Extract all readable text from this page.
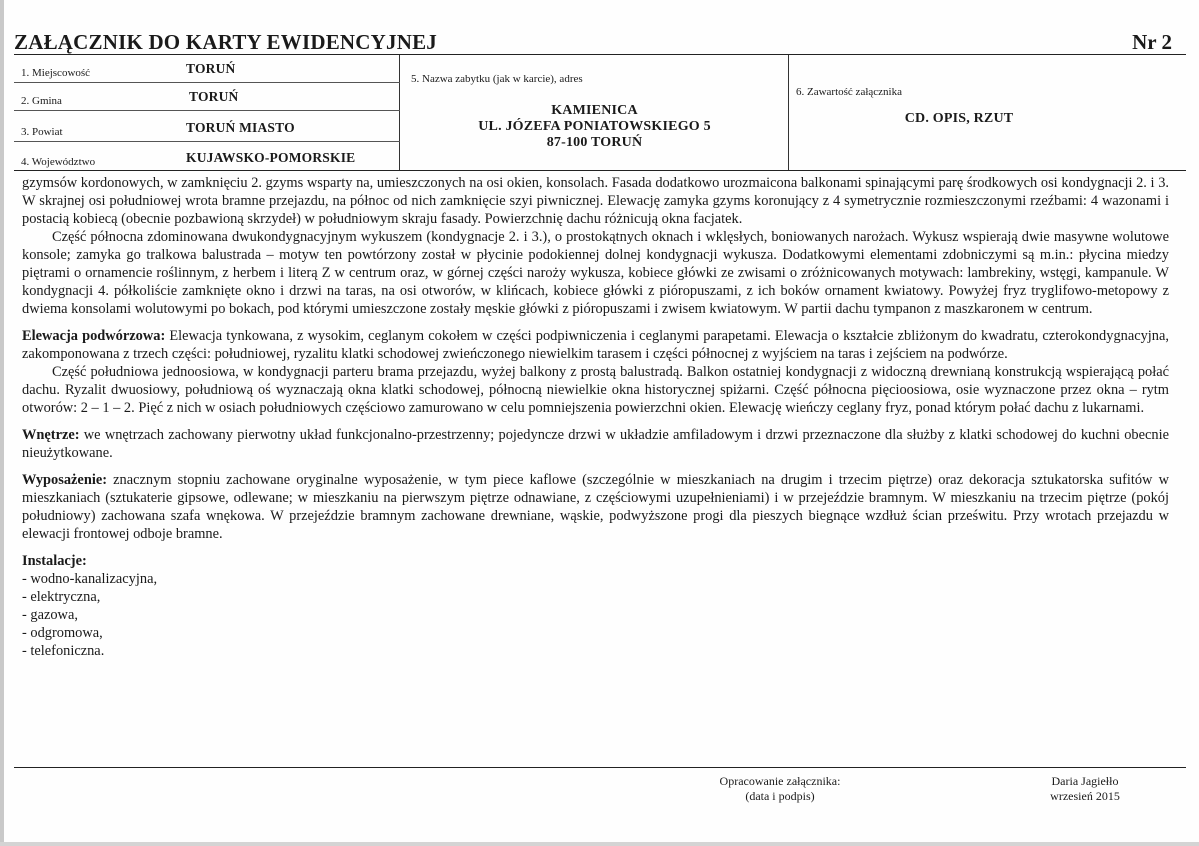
ZAŁĄCZNIK DO KARTY EWIDENCYJNEJ	Nr 2
1. Miejscowość	TORUŃ
2. Gmina	TORUŃ
3. Powiat	TORUŃ MIASTO
4. Województwo	KUJAWSKO-POMORSKIE
5. Nazwa zabytku (jak w karcie), adres
KAMIENICA
UL. JÓZEFA PONIATOWSKIEGO 5
87-100 TORUŃ
6. Zawartość załącznika
CD. OPIS, RZUT

gzymsów kordonowych, w zamknięciu 2. gzyms wsparty na, umieszczonych na osi okien, konsolach. Fasada dodatkowo urozmaicona balkonami spinającymi parę środkowych osi kondygnacji 2. i 3. W skrajnej osi południowej wrota bramne przejazdu, na północ od nich zamknięcie szyi piwnicznej. Elewację zamyka gzyms koronujący z 4 symetrycznie rozmieszczonymi rzeźbami: 4 wazonami i postacią kobiecą (obecnie pozbawioną skrzydeł) w południowym skraju fasady. Powierzchnię dachu różnicują okna facjatek.

Część północna zdominowana dwukondygnacyjnym wykuszem (kondygnacje 2. i 3.), o prostokątnych oknach i wklęsłych, boniowanych narożach. Wykusz wspierają dwie masywne wolutowe konsole; zamyka go tralkowa balustrada – motyw ten powtórzony został w płycinie podokiennej dolnej kondygnacji wykusza. Dodatkowymi elementami zdobniczymi są m.in.: płycina miedzy piętrami o ornamencie roślinnym, z herbem i literą Z w centrum oraz, w górnej części naroży wykusza, kobiece główki ze zwisami o zróżnicowanych motywach: lambrekiny, wstęgi, kampanule. W kondygnacji 4. półkoliście zamknięte okno i drzwi na taras, na osi otworów, w klińcach, kobiece główki z pióropuszami, z ich boków ornament kwiatowy. Powyżej fryz tryglifowo-metopowy z dwiema konsolami wolutowymi po bokach, pod którymi umieszczone zostały męskie główki z pióropuszami i zwisem kwiatowym. W partii dachu tympanon z maszkaronem w centrum.

Elewacja podwórzowa: Elewacja tynkowana, z wysokim, ceglanym cokołem w części podpiwniczenia i ceglanymi parapetami. Elewacja o kształcie zbliżonym do kwadratu, czterokondygnacyjna, zakomponowana z trzech części: południowej, ryzalitu klatki schodowej zwieńczonego niewielkim tarasem i części północnej z wyjściem na taras i zejściem na podwórze.

Część południowa jednoosiowa, w kondygnacji parteru brama przejazdu, wyżej balkony z prostą balustradą. Balkon ostatniej kondygnacji z widoczną drewnianą konstrukcją wspierającą połać dachu. Ryzalit dwuosiowy, południową oś wyznaczają okna klatki schodowej, północną niewielkie okna historycznej spiżarni. Część północna pięcioosiowa, osie wyznaczone przez okna – rytm otworów: 2 – 1 – 2. Pięć z nich w osiach południowych częściowo zamurowano w celu pomniejszenia powierzchni okien. Elewację wieńczy ceglany fryz, ponad którym połać dachu z lukarnami.

Wnętrze: we wnętrzach zachowany pierwotny układ funkcjonalno-przestrzenny; pojedyncze drzwi w układzie amfiladowym i drzwi przeznaczone dla służby z klatki schodowej do kuchni obecnie nieużytkowane.

Wyposażenie: znacznym stopniu zachowane oryginalne wyposażenie, w tym piece kaflowe (szczególnie w mieszkaniach na drugim i trzecim piętrze) oraz dekoracja sztukatorska sufitów w mieszkaniach (sztukaterie gipsowe, odlewane; w mieszkaniu na pierwszym piętrze odnawiane, z częściowymi uzupełnieniami) i w przejeździe bramnym. W mieszkaniu na trzecim piętrze (pokój południowy) zachowana szafa wnękowa. W przejeździe bramnym zachowane drewniane, wąskie, podwyższone progi dla pieszych biegnące wzdłuż ścian prześwitu. Przy wrotach przejazdu w elewacji frontowej odboje bramne.

Instalacje:

- wodno-kanalizacyjna,
- elektryczna,
- gazowa,
- odgromowa,
- telefoniczna.
Opracowanie załącznika:
(data i podpis)
Daria Jagiełło
wrzesień 2015
